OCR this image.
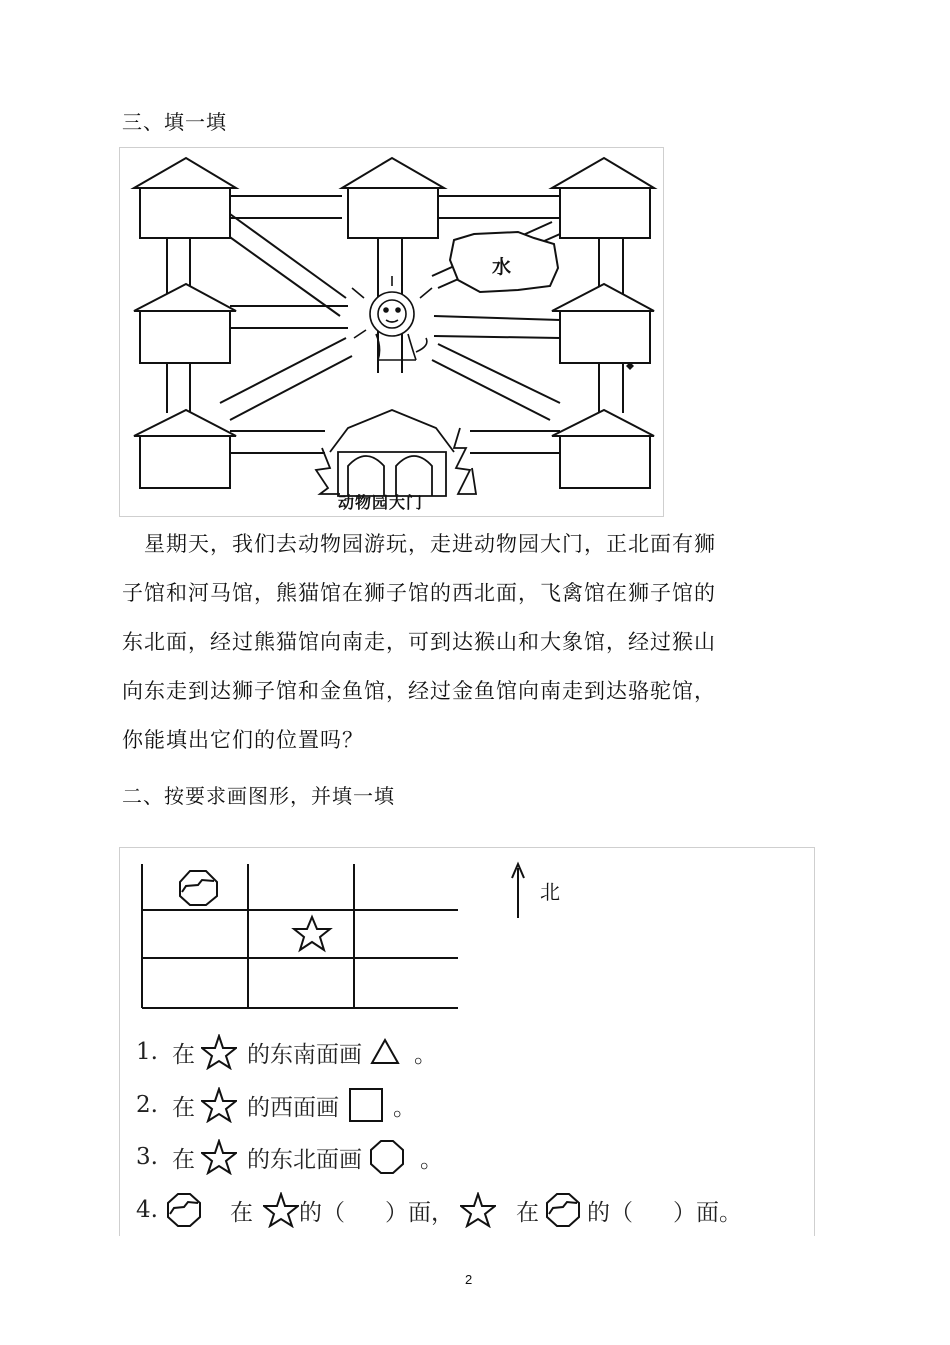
三、填一填
水
动物园大门

星期天，我们去动物园游玩，走进动物园大门，正北面有狮

子馆和河马馆，熊猫馆在狮子馆的西北面，飞禽馆在狮子馆的

东北面，经过熊猫馆向南走，可到达猴山和大象馆，经过猴山

向东走到达狮子馆和金鱼馆，经过金鱼馆向南走到达骆驼馆，

你能填出它们的位置吗？

二、按要求画图形，并填一填
北
1. 在 的东南面画 。
2. 在 的西面画 。
3. 在 的东北面画	。
4.	在 的（ ）面，	在 的（ ）面。
2
